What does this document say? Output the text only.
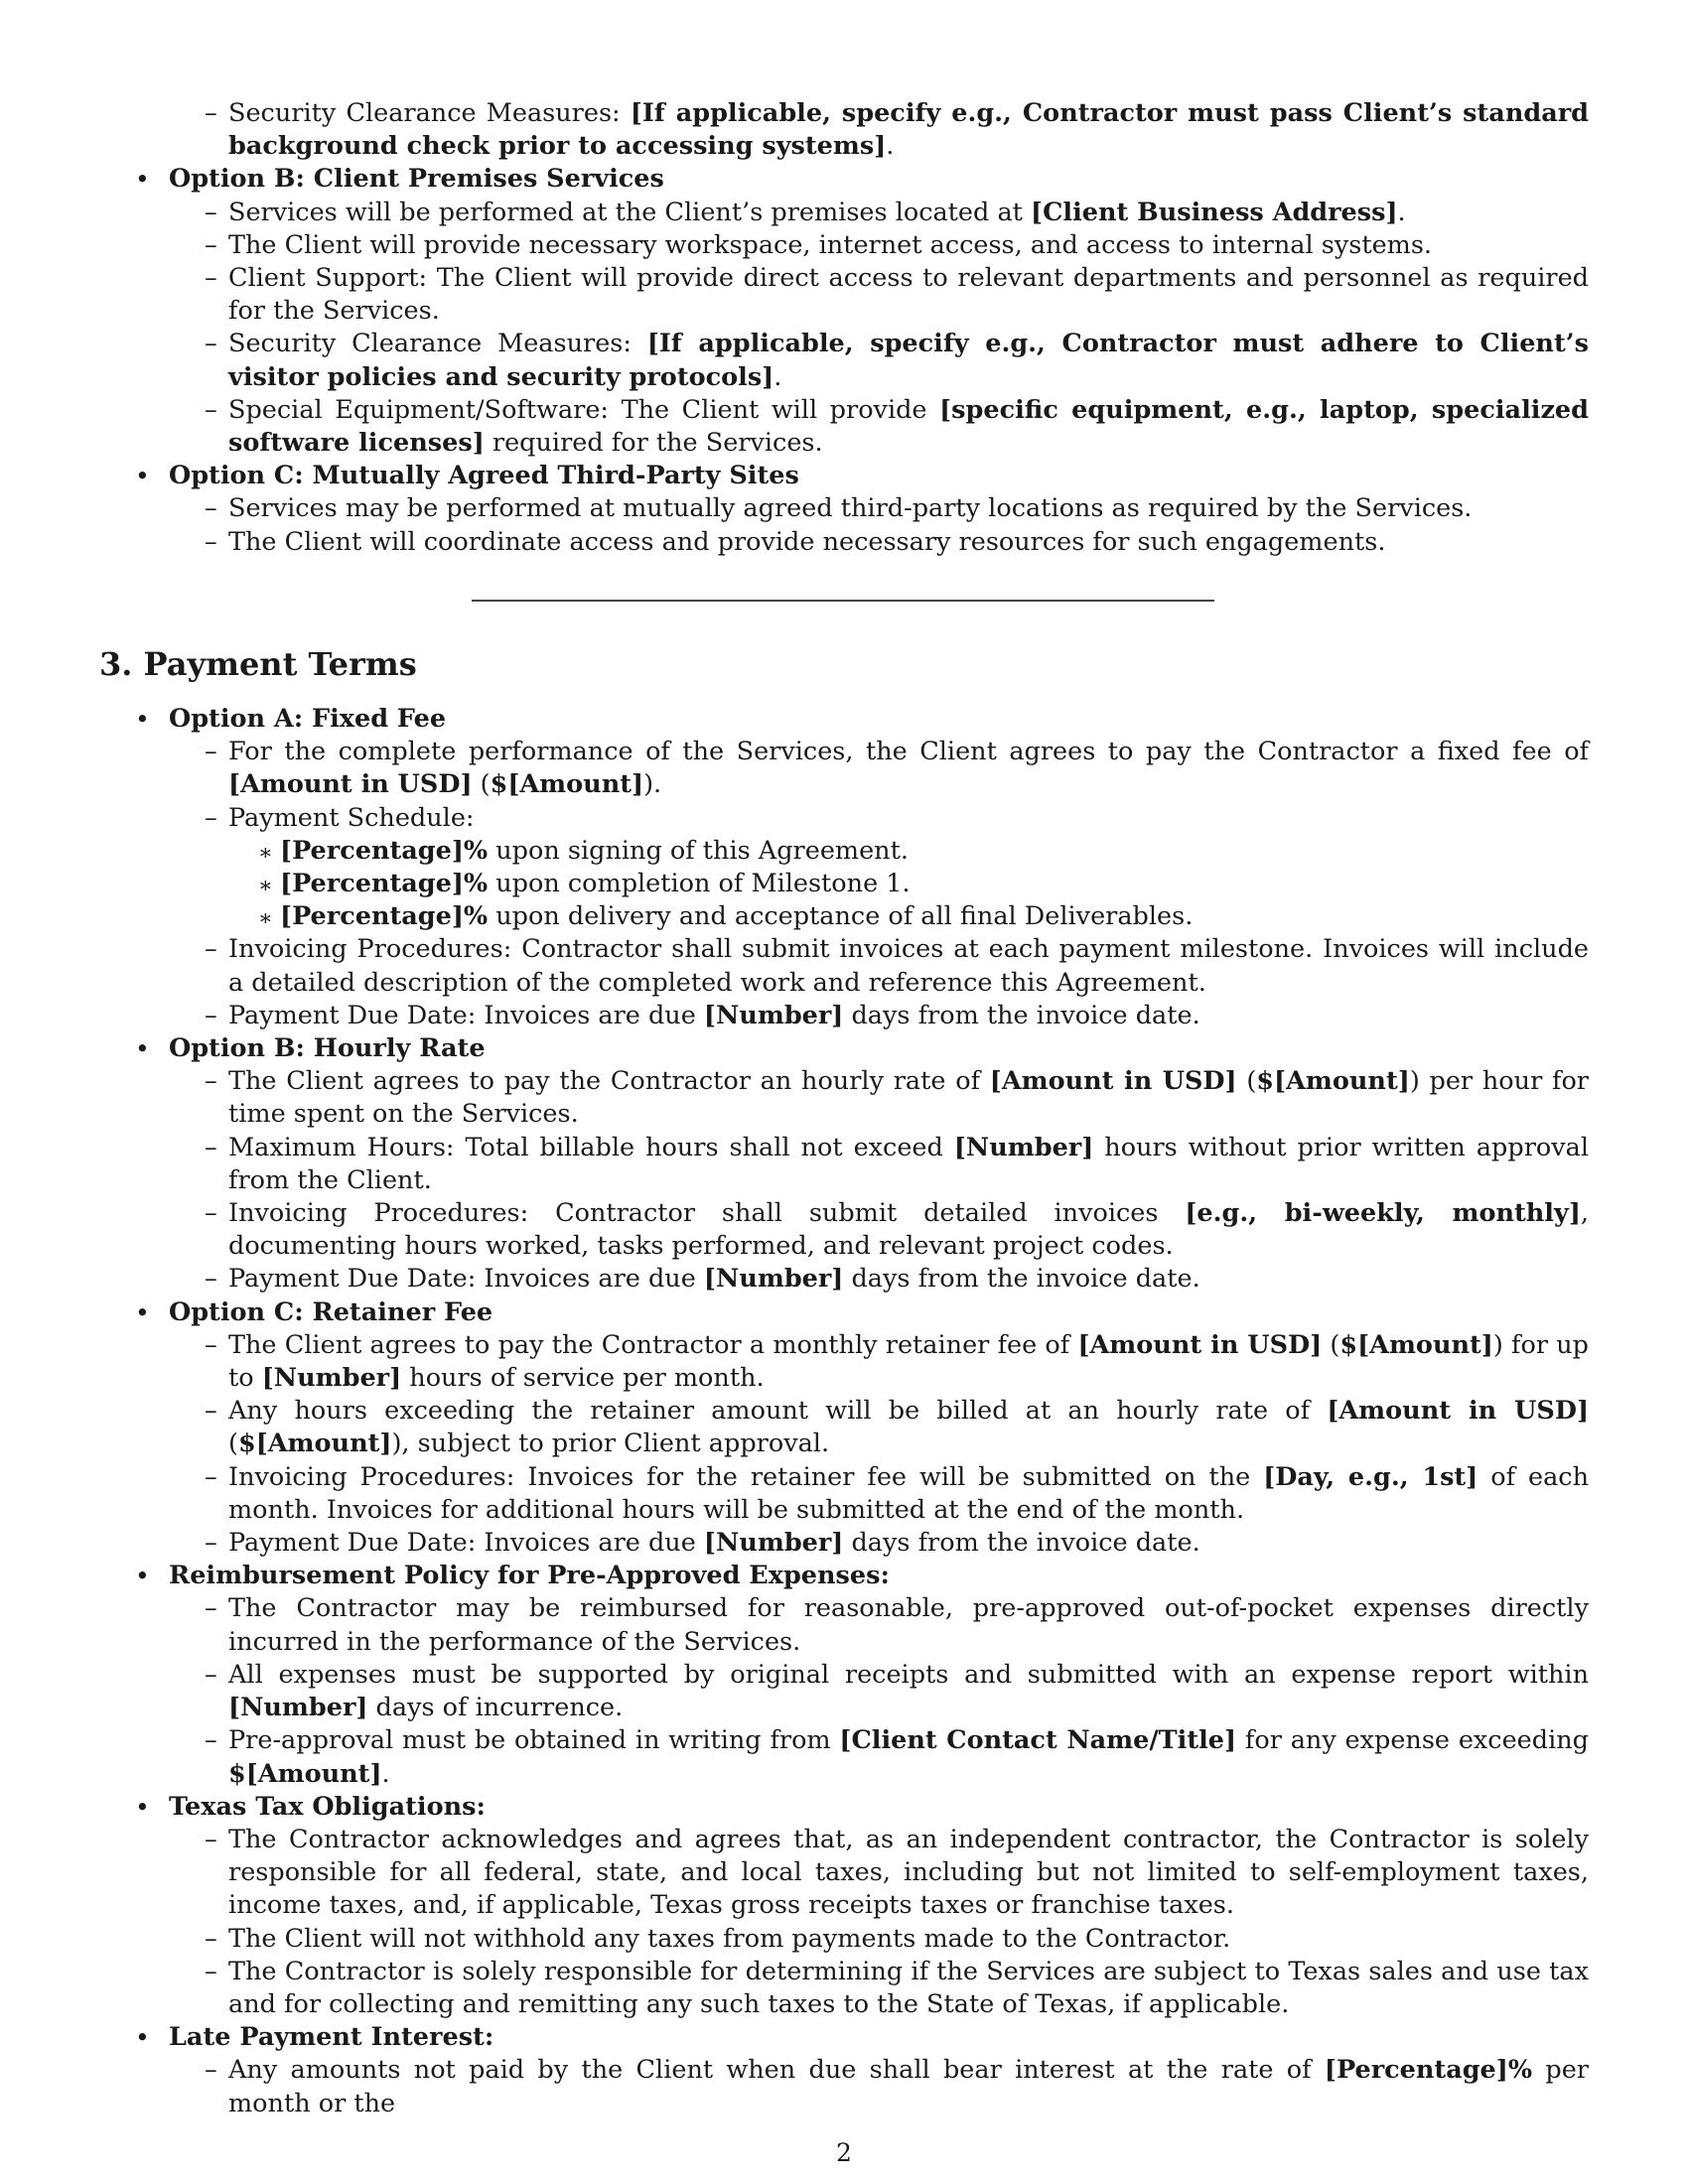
– Security Clearance Measures: [If applicable, specify e.g., Contractor must pass Client’s standard background check prior to accessing systems].
• Option B: Client Premises Services
– Services will be performed at the Client’s premises located at [Client Business Address].
– The Client will provide necessary workspace, internet access, and access to internal systems.
– Client Support: The Client will provide direct access to relevant departments and personnel as required for the Services.
– Security Clearance Measures: [If applicable, specify e.g., Contractor must adhere to Client’s visitor policies and security protocols].
– Special Equipment/Software: The Client will provide [specific equipment, e.g., laptop, specialized software licenses] required for the Services.
• Option C: Mutually Agreed Third-Party Sites
– Services may be performed at mutually agreed third-party locations as required by the Services.
– The Client will coordinate access and provide necessary resources for such engagements.
3. Payment Terms
• Option A: Fixed Fee
– For the complete performance of the Services, the Client agrees to pay the Contractor a fixed fee of [Amount in USD] ($[Amount]).
– Payment Schedule:
∗ [Percentage]% upon signing of this Agreement.
∗ [Percentage]% upon completion of Milestone 1.
∗ [Percentage]% upon delivery and acceptance of all final Deliverables.
– Invoicing Procedures: Contractor shall submit invoices at each payment milestone. Invoices will include a detailed description of the completed work and reference this Agreement.
– Payment Due Date: Invoices are due [Number] days from the invoice date.
• Option B: Hourly Rate
– The Client agrees to pay the Contractor an hourly rate of [Amount in USD] ($[Amount]) per hour for time spent on the Services.
– Maximum Hours: Total billable hours shall not exceed [Number] hours without prior written approval from the Client.
– Invoicing Procedures: Contractor shall submit detailed invoices [e.g., bi-weekly, monthly], documenting hours worked, tasks performed, and relevant project codes.
– Payment Due Date: Invoices are due [Number] days from the invoice date.
• Option C: Retainer Fee
– The Client agrees to pay the Contractor a monthly retainer fee of [Amount in USD] ($[Amount]) for up to [Number] hours of service per month.
– Any hours exceeding the retainer amount will be billed at an hourly rate of [Amount in USD] ($[Amount]), subject to prior Client approval.
– Invoicing Procedures: Invoices for the retainer fee will be submitted on the [Day, e.g., 1st] of each month. Invoices for additional hours will be submitted at the end of the month.
– Payment Due Date: Invoices are due [Number] days from the invoice date.
• Reimbursement Policy for Pre-Approved Expenses:
– The Contractor may be reimbursed for reasonable, pre-approved out-of-pocket expenses directly incurred in the performance of the Services.
– All expenses must be supported by original receipts and submitted with an expense report within [Number] days of incurrence.
– Pre-approval must be obtained in writing from [Client Contact Name/Title] for any expense exceeding $[Amount].
• Texas Tax Obligations:
– The Contractor acknowledges and agrees that, as an independent contractor, the Contractor is solely responsible for all federal, state, and local taxes, including but not limited to self-employment taxes, income taxes, and, if applicable, Texas gross receipts taxes or franchise taxes.
– The Client will not withhold any taxes from payments made to the Contractor.
– The Contractor is solely responsible for determining if the Services are subject to Texas sales and use tax and for collecting and remitting any such taxes to the State of Texas, if applicable.
• Late Payment Interest:
– Any amounts not paid by the Client when due shall bear interest at the rate of [Percentage]% per month or the
2
